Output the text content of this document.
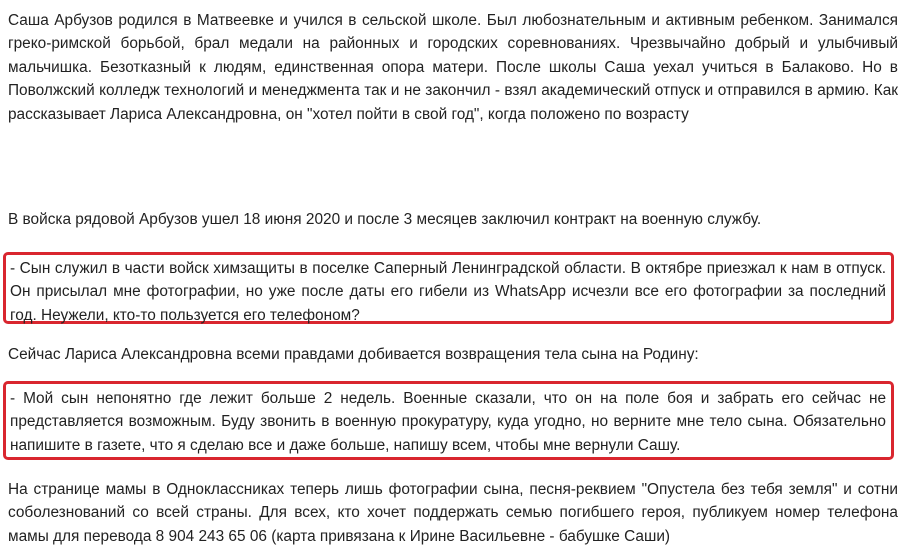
Саша Арбузов родился в Матвеевке и учился в сельской школе. Был любознательным и активным ребенком. Занимался греко-римской борьбой, брал медали на районных и городских соревнованиях. Чрезвычайно добрый и улыбчивый мальчишка. Безотказный к людям, единственная опора матери. После школы Саша уехал учиться в Балаково. Но в Поволжский колледж технологий и менеджмента так и не закончил - взял академический отпуск и отправился в армию. Как рассказывает Лариса Александровна, он "хотел пойти в свой год", когда положено по возрасту

В войска рядовой Арбузов ушел 18 июня 2020 и после 3 месяцев заключил контракт на военную службу.

- Сын служил в части войск химзащиты в поселке Саперный Ленинградской области. В октябре приезжал к нам в отпуск. Он присылал мне фотографии, но уже после даты его гибели из WhatsApp исчезли все его фотографии за последний год. Неужели, кто-то пользуется его телефоном?

Сейчас Лариса Александровна всеми правдами добивается возвращения тела сына на Родину:

- Мой сын непонятно где лежит больше 2 недель. Военные сказали, что он на поле боя и забрать его сейчас не представляется возможным. Буду звонить в военную прокуратуру, куда угодно, но верните мне тело сына. Обязательно напишите в газете, что я сделаю все и даже больше, напишу всем, чтобы мне вернули Сашу.

На странице мамы в Одноклассниках теперь лишь фотографии сына, песня-реквием "Опустела без тебя земля" и сотни соболезнований со всей страны. Для всех, кто хочет поддержать семью погибшего героя, публикуем номер телефона мамы для перевода 8 904 243 65 06 (карта привязана к Ирине Васильевне - бабушке Саши)
